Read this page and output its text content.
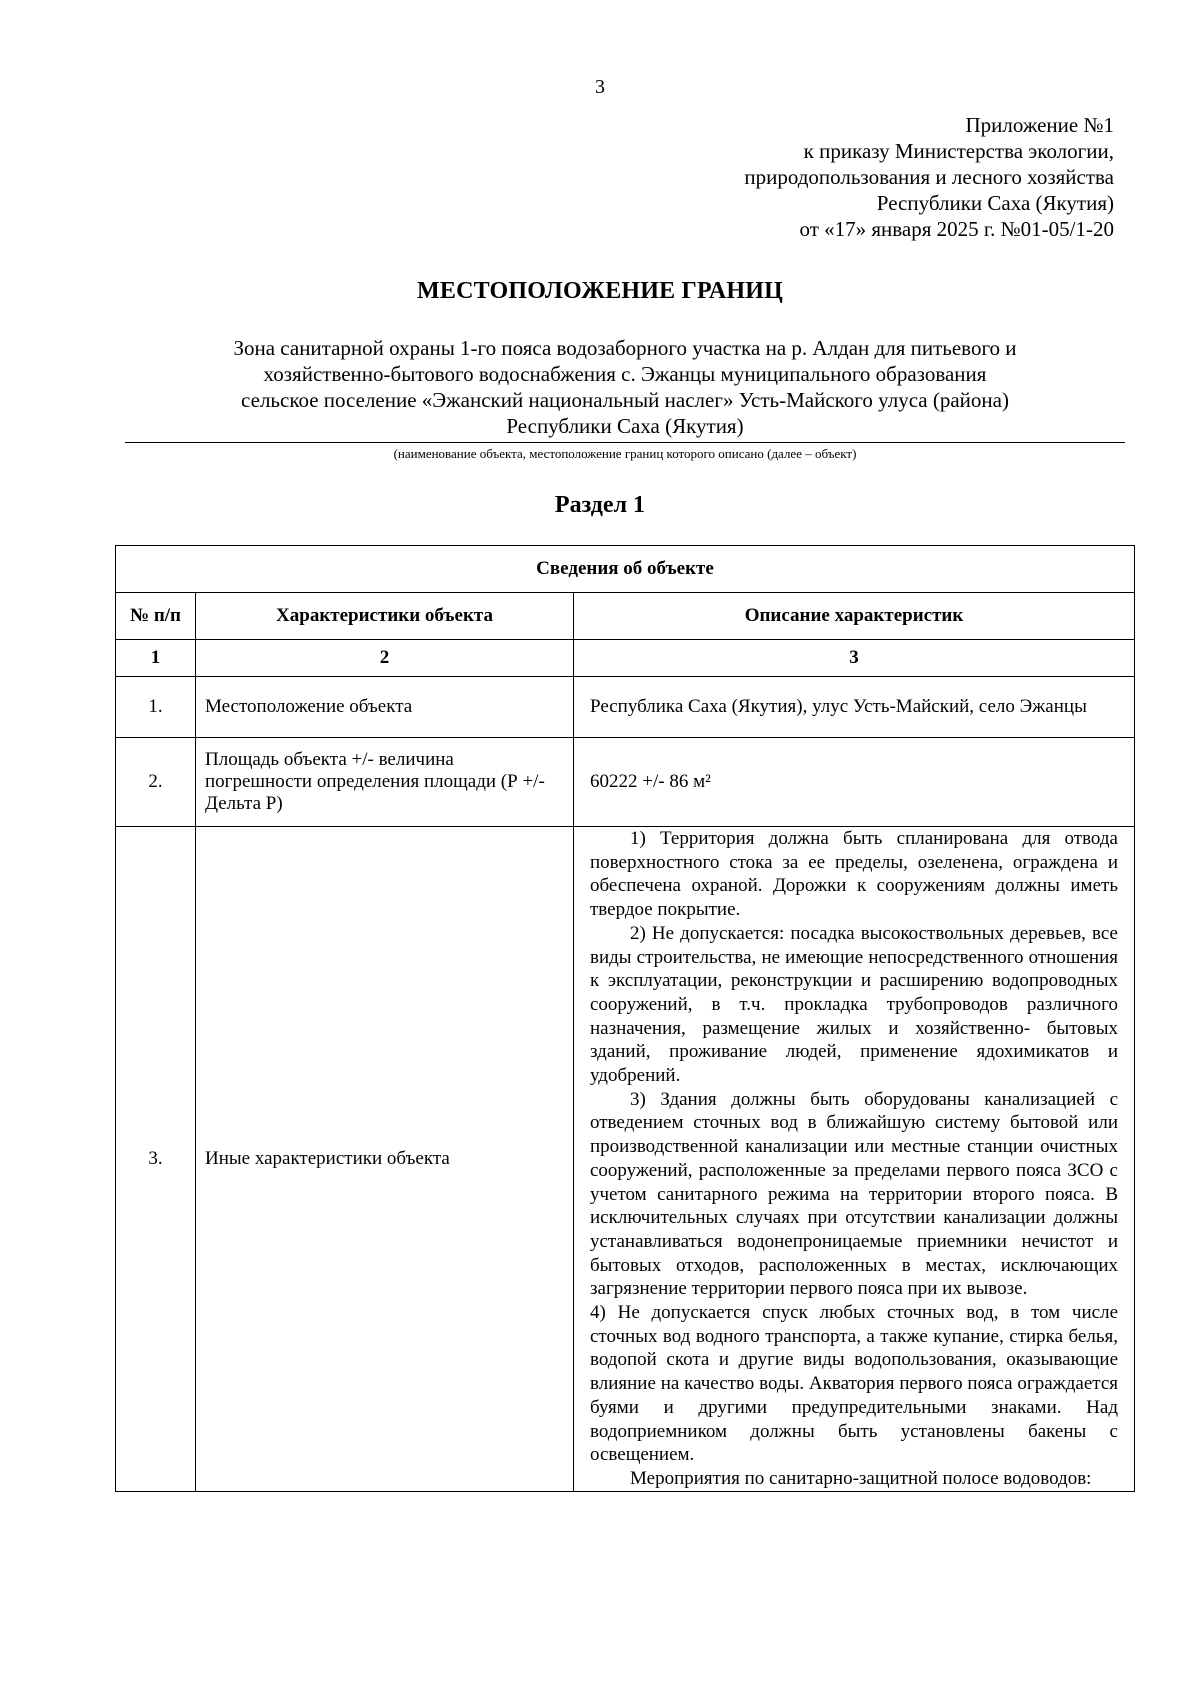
3
Приложение №1
к приказу Министерства экологии,
природопользования и лесного хозяйства
Республики Саха (Якутия)
от «17» января 2025 г. №01-05/1-20
МЕСТОПОЛОЖЕНИЕ ГРАНИЦ
Зона санитарной охраны 1-го пояса водозаборного участка на р. Алдан для питьевого и
хозяйственно-бытового водоснабжения с. Эжанцы муниципального образования
сельское поселение «Эжанский национальный наслег» Усть-Майского улуса (района)
Республики Саха (Якутия)
(наименование объекта, местоположение границ которого описано (далее – объект)
Раздел 1
Сведения об объекте		
№ п/п	Характеристики объекта	Описание характеристик
1	2	3
1.	Местоположение объекта	Республика Саха (Якутия), улус Усть-Майский, село Эжанцы
2.	Площадь объекта +/- величина погрешности определения площади (Р +/- Дельта Р)	60222 +/- 86 м²
3.	Иные характеристики объекта	1) Территория должна быть спланирована для отвода поверхностного стока за ее пределы, озеленена, ограждена и обеспечена охраной. Дорожки к сооружениям должны иметь твердое покрытие.

2) Не допускается: посадка высокоствольных деревьев, все виды строительства, не имеющие непосредственного отношения к эксплуатации, реконструкции и расширению водопроводных сооружений, в т.ч. прокладка трубопроводов различного назначения, размещение жилых и хозяйственно- бытовых зданий, проживание людей, применение ядохимикатов и удобрений.

3) Здания должны быть оборудованы канализацией с отведением сточных вод в ближайшую систему бытовой или производственной канализации или местные станции очистных сооружений, расположенные за пределами первого пояса ЗСО с учетом санитарного режима на территории второго пояса. В исключительных случаях при отсутствии канализации должны устанавливаться водонепроницаемые приемники нечистот и бытовых отходов, расположенных в местах, исключающих загрязнение территории первого пояса при их вывозе.

4) Не допускается спуск любых сточных вод, в том числе сточных вод водного транспорта, а также купание, стирка белья, водопой скота и другие виды водопользования, оказывающие влияние на качество воды. Акватория первого пояса ограждается буями и другими предупредительными знаками. Над водоприемником должны быть установлены бакены с освещением.

Мероприятия по санитарно-защитной полосе водоводов:
